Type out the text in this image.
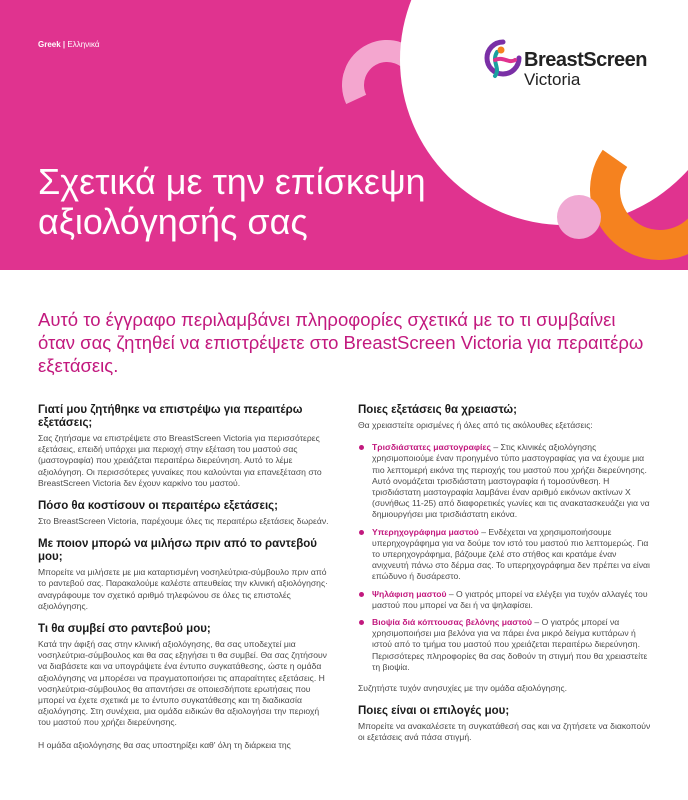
Greek | Ελληνικά
BreastScreen
Victoria
Σχετικά με την επίσκεψη αξιολόγησής σας

Αυτό το έγγραφο περιλαμβάνει πληροφορίες σχετικά με το τι συμβαίνει όταν σας ζητηθεί να επιστρέψετε στο BreastScreen Victoria για περαιτέρω εξετάσεις.

Γιατί μου ζητήθηκε να επιστρέψω για περαιτέρω εξετάσεις;

Σας ζητήσαμε να επιστρέψετε στο BreastScreen Victoria για περισσότερες εξετάσεις, επειδή υπάρχει μια περιοχή στην εξέταση του μαστού σας (μαστογραφία) που χρειάζεται περαιτέρω διερεύνηση. Αυτό το λέμε αξιολόγηση. Οι περισσότερες γυναίκες που καλούνται για επανεξέταση στο BreastScreen Victoria δεν έχουν καρκίνο του μαστού.

Πόσο θα κοστίσουν οι περαιτέρω εξετάσεις;

Στο BreastScreen Victoria, παρέχουμε όλες τις περαιτέρω εξετάσεις δωρεάν.

Με ποιον μπορώ να μιλήσω πριν από το ραντεβού μου;

Μπορείτε να μιλήσετε με μια καταρτισμένη νοσηλεύτρια-σύμβουλο πριν από το ραντεβού σας. Παρακαλούμε καλέστε απευθείας την κλινική αξιολόγησης· αναγράφουμε τον σχετικό αριθμό τηλεφώνου σε όλες τις επιστολές αξιολόγησης.

Τι θα συμβεί στο ραντεβού μου;

Κατά την άφιξή σας στην κλινική αξιολόγησης, θα σας υποδεχτεί μια νοσηλεύτρια-σύμβουλος και θα σας εξηγήσει τι θα συμβεί. Θα σας ζητήσουν να διαβάσετε και να υπογράψετε ένα έντυπο συγκατάθεσης, ώστε η ομάδα αξιολόγησης να μπορέσει να πραγματοποιήσει τις απαραίτητες εξετάσεις. Η νοσηλεύτρια-σύμβουλος θα απαντήσει σε οποιεσδήποτε ερωτήσεις που μπορεί να έχετε σχετικά με το έντυπο συγκατάθεσης και τη διαδικασία αξιολόγησης. Στη συνέχεια, μια ομάδα ειδικών θα αξιολογήσει την περιοχή του μαστού που χρήζει διερεύνησης.

Η ομάδα αξιολόγησης θα σας υποστηρίξει καθ' όλη τη διάρκεια της

Ποιες εξετάσεις θα χρειαστώ;

Θα χρειαστείτε ορισμένες ή όλες από τις ακόλουθες εξετάσεις:

Τρισδιάστατες μαστογραφίες – Στις κλινικές αξιολόγησης χρησιμοποιούμε έναν προηγμένο τύπο μαστογραφίας για να έχουμε μια πιο λεπτομερή εικόνα της περιοχής του μαστού που χρήζει διερεύνησης. Αυτό ονομάζεται τρισδιάστατη μαστογραφία ή τομοσύνθεση. Η τρισδιάστατη μαστογραφία λαμβάνει έναν αριθμό εικόνων ακτίνων Χ (συνήθως 11-25) από διαφορετικές γωνίες και τις ανακατασκευάζει για να δημιουργήσει μια τρισδιάστατη εικόνα.
Υπερηχογράφημα μαστού – Ενδέχεται να χρησιμοποιήσουμε υπερηχογράφημα για να δούμε τον ιστό του μαστού πιο λεπτομερώς. Για το υπερηχογράφημα, βάζουμε ζελέ στο στήθος και κρατάμε έναν ανιχνευτή πάνω στο δέρμα σας. Το υπερηχογράφημα δεν πρέπει να είναι επώδυνο ή δυσάρεστο.
Ψηλάφιση μαστού – Ο γιατρός μπορεί να ελέγξει για τυχόν αλλαγές του μαστού που μπορεί να δει ή να ψηλαφίσει.
Βιοψία διά κόπτουσας βελόνης μαστού – Ο γιατρός μπορεί να χρησιμοποιήσει μια βελόνα για να πάρει ένα μικρό δείγμα κυττάρων ή ιστού από το τμήμα του μαστού που χρειάζεται περαιτέρω διερεύνηση. Περισσότερες πληροφορίες θα σας δοθούν τη στιγμή που θα χρειαστείτε τη βιοψία.

Συζητήστε τυχόν ανησυχίες με την ομάδα αξιολόγησης.

Ποιες είναι οι επιλογές μου;

Μπορείτε να ανακαλέσετε τη συγκατάθεσή σας και να ζητήσετε να διακοπούν οι εξετάσεις ανά πάσα στιγμή.
